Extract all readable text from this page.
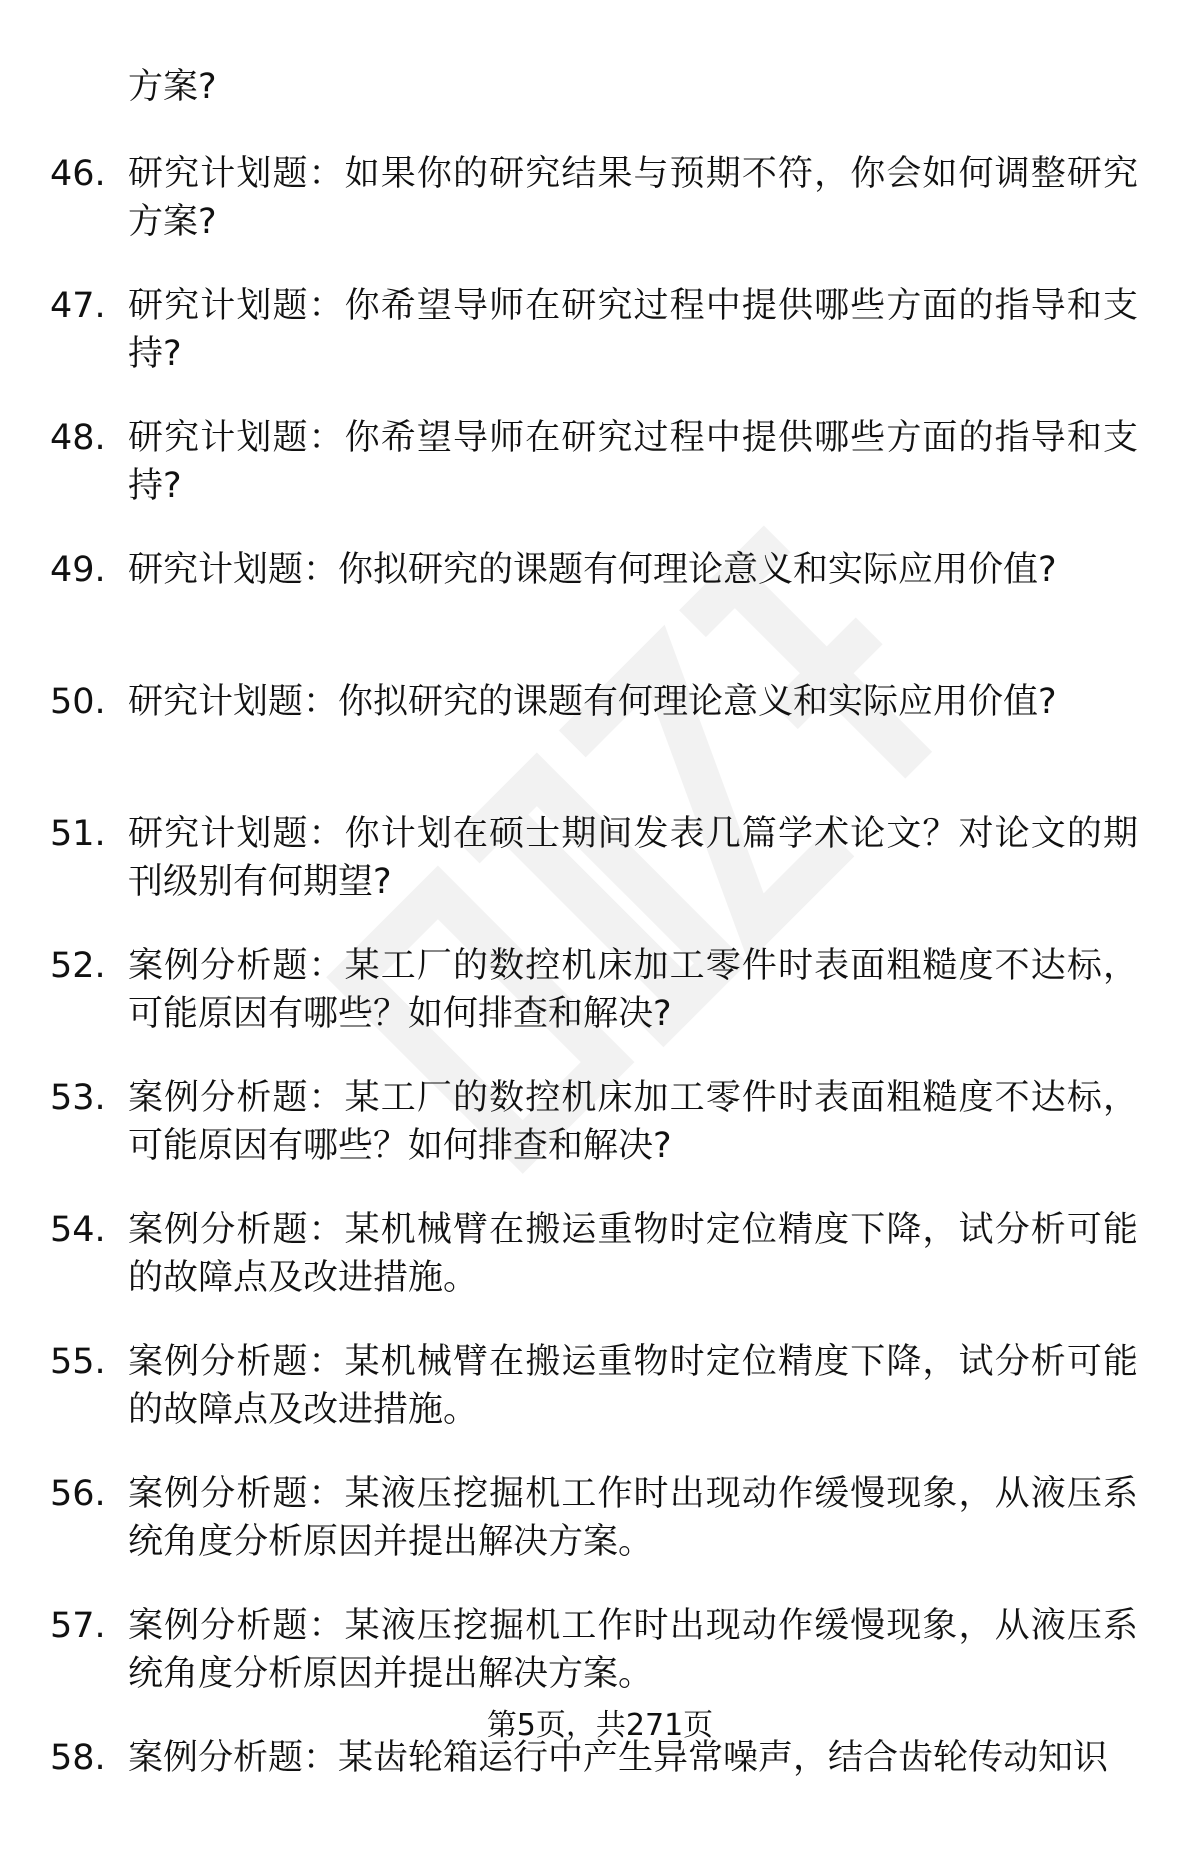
方案?
46. 研究计划题：如果你的研究结果与预期不符，你会如何调整研究方案?
47. 研究计划题：你希望导师在研究过程中提供哪些方面的指导和支持?
48. 研究计划题：你希望导师在研究过程中提供哪些方面的指导和支持?
49. 研究计划题：你拟研究的课题有何理论意义和实际应用价值?
50. 研究计划题：你拟研究的课题有何理论意义和实际应用价值?
51. 研究计划题：你计划在硕士期间发表几篇学术论文？对论文的期刊级别有何期望?
52. 案例分析题：某工厂的数控机床加工零件时表面粗糙度不达标，可能原因有哪些？如何排查和解决?
53. 案例分析题：某工厂的数控机床加工零件时表面粗糙度不达标，可能原因有哪些？如何排查和解决?
54. 案例分析题：某机械臂在搬运重物时定位精度下降，试分析可能的故障点及改进措施。
55. 案例分析题：某机械臂在搬运重物时定位精度下降，试分析可能的故障点及改进措施。
56. 案例分析题：某液压挖掘机工作时出现动作缓慢现象，从液压系统角度分析原因并提出解决方案。
57. 案例分析题：某液压挖掘机工作时出现动作缓慢现象，从液压系统角度分析原因并提出解决方案。
58. 案例分析题：某齿轮箱运行中产生异常噪声，结合齿轮传动知识
第5页，共271页
